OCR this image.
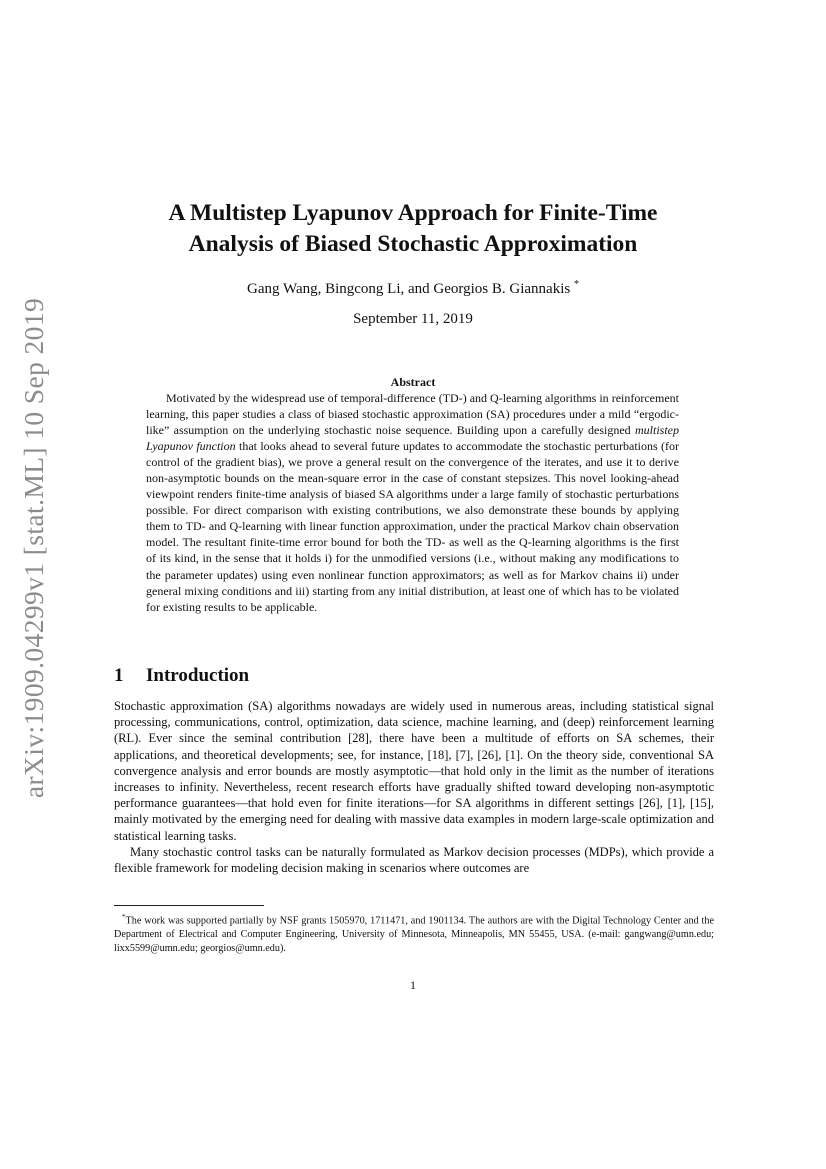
arXiv:1909.04299v1 [stat.ML] 10 Sep 2019
A Multistep Lyapunov Approach for Finite-Time
Analysis of Biased Stochastic Approximation
Gang Wang, Bingcong Li, and Georgios B. Giannakis *
September 11, 2019
Abstract

Motivated by the widespread use of temporal-difference (TD-) and Q-learning algorithms in reinforcement learning, this paper studies a class of biased stochastic approximation (SA) procedures under a mild “ergodic-like” assumption on the underlying stochastic noise sequence. Building upon a carefully designed multistep Lyapunov function that looks ahead to several future updates to accommodate the stochastic perturbations (for control of the gradient bias), we prove a general result on the convergence of the iterates, and use it to derive non-asymptotic bounds on the mean-square error in the case of constant stepsizes. This novel looking-ahead viewpoint renders finite-time analysis of biased SA algorithms under a large family of stochastic perturbations possible. For direct comparison with existing contributions, we also demonstrate these bounds by applying them to TD- and Q-learning with linear function approximation, under the practical Markov chain observation model. The resultant finite-time error bound for both the TD- as well as the Q-learning algorithms is the first of its kind, in the sense that it holds i) for the unmodified versions (i.e., without making any modifications to the parameter updates) using even nonlinear function approximators; as well as for Markov chains ii) under general mixing conditions and iii) starting from any initial distribution, at least one of which has to be violated for existing results to be applicable.

1 Introduction

Stochastic approximation (SA) algorithms nowadays are widely used in numerous areas, including statistical signal processing, communications, control, optimization, data science, machine learning, and (deep) reinforcement learning (RL). Ever since the seminal contribution [28], there have been a multitude of efforts on SA schemes, their applications, and theoretical developments; see, for instance, [18], [7], [26], [1]. On the theory side, conventional SA convergence analysis and error bounds are mostly asymptotic—that hold only in the limit as the number of iterations increases to infinity. Nevertheless, recent research efforts have gradually shifted toward developing non-asymptotic performance guarantees—that hold even for finite iterations—for SA algorithms in different settings [26], [1], [15], mainly motivated by the emerging need for dealing with massive data examples in modern large-scale optimization and statistical learning tasks.

Many stochastic control tasks can be naturally formulated as Markov decision processes (MDPs), which provide a flexible framework for modeling decision making in scenarios where outcomes are

*The work was supported partially by NSF grants 1505970, 1711471, and 1901134. The authors are with the Digital Technology Center and the Department of Electrical and Computer Engineering, University of Minnesota, Minneapolis, MN 55455, USA. (e-mail: gangwang@umn.edu; lixx5599@umn.edu; georgios@umn.edu).

1
